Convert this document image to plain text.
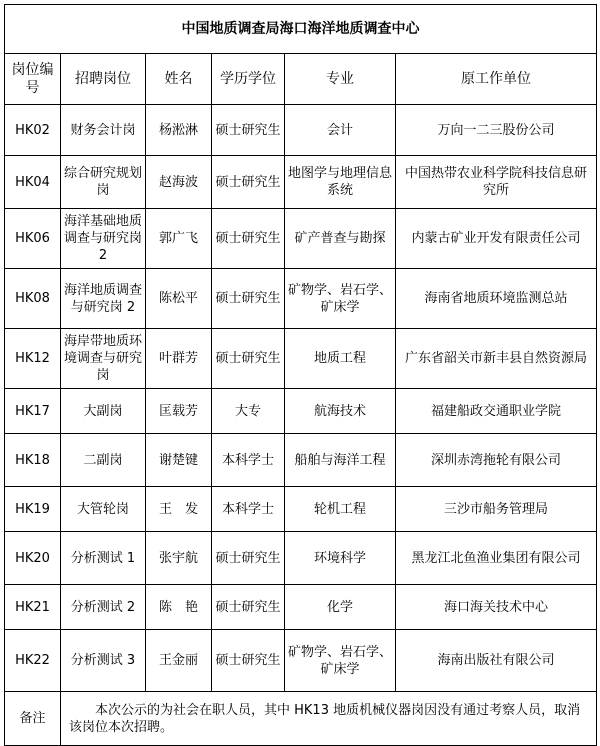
中国地质调查局海口海洋地质调查中心					
岗位编号	招聘岗位	姓名	学历学位	专业	原工作单位
HK02	财务会计岗	杨淞淋	硕士研究生	会计	万向一二三股份公司
HK04	综合研究规划岗	赵海波	硕士研究生	地图学与地理信息系统	中国热带农业科学院科技信息研究所
HK06	海洋基础地质调查与研究岗 2	郭广飞	硕士研究生	矿产普查与勘探	内蒙古矿业开发有限责任公司
HK08	海洋地质调查与研究岗 2	陈松平	硕士研究生	矿物学、岩石学、矿床学	海南省地质环境监测总站
HK12	海岸带地质环境调查与研究岗	叶群芳	硕士研究生	地质工程	广东省韶关市新丰县自然资源局
HK17	大副岗	匡载芳	大专	航海技术	福建船政交通职业学院
HK18	二副岗	谢楚键	本科学士	船舶与海洋工程	深圳赤湾拖轮有限公司
HK19	大管轮岗	王　发	本科学士	轮机工程	三沙市船务管理局
HK20	分析测试 1	张宇航	硕士研究生	环境科学	黑龙江北鱼渔业集团有限公司
HK21	分析测试 2	陈　艳	硕士研究生	化学	海口海关技术中心
HK22	分析测试 3	王金丽	硕士研究生	矿物学、岩石学、矿床学	海南出版社有限公司
备注	本次公示的为社会在职人员，其中 HK13 地质机械仪器岗因没有通过考察人员，取消该岗位本次招聘。				
